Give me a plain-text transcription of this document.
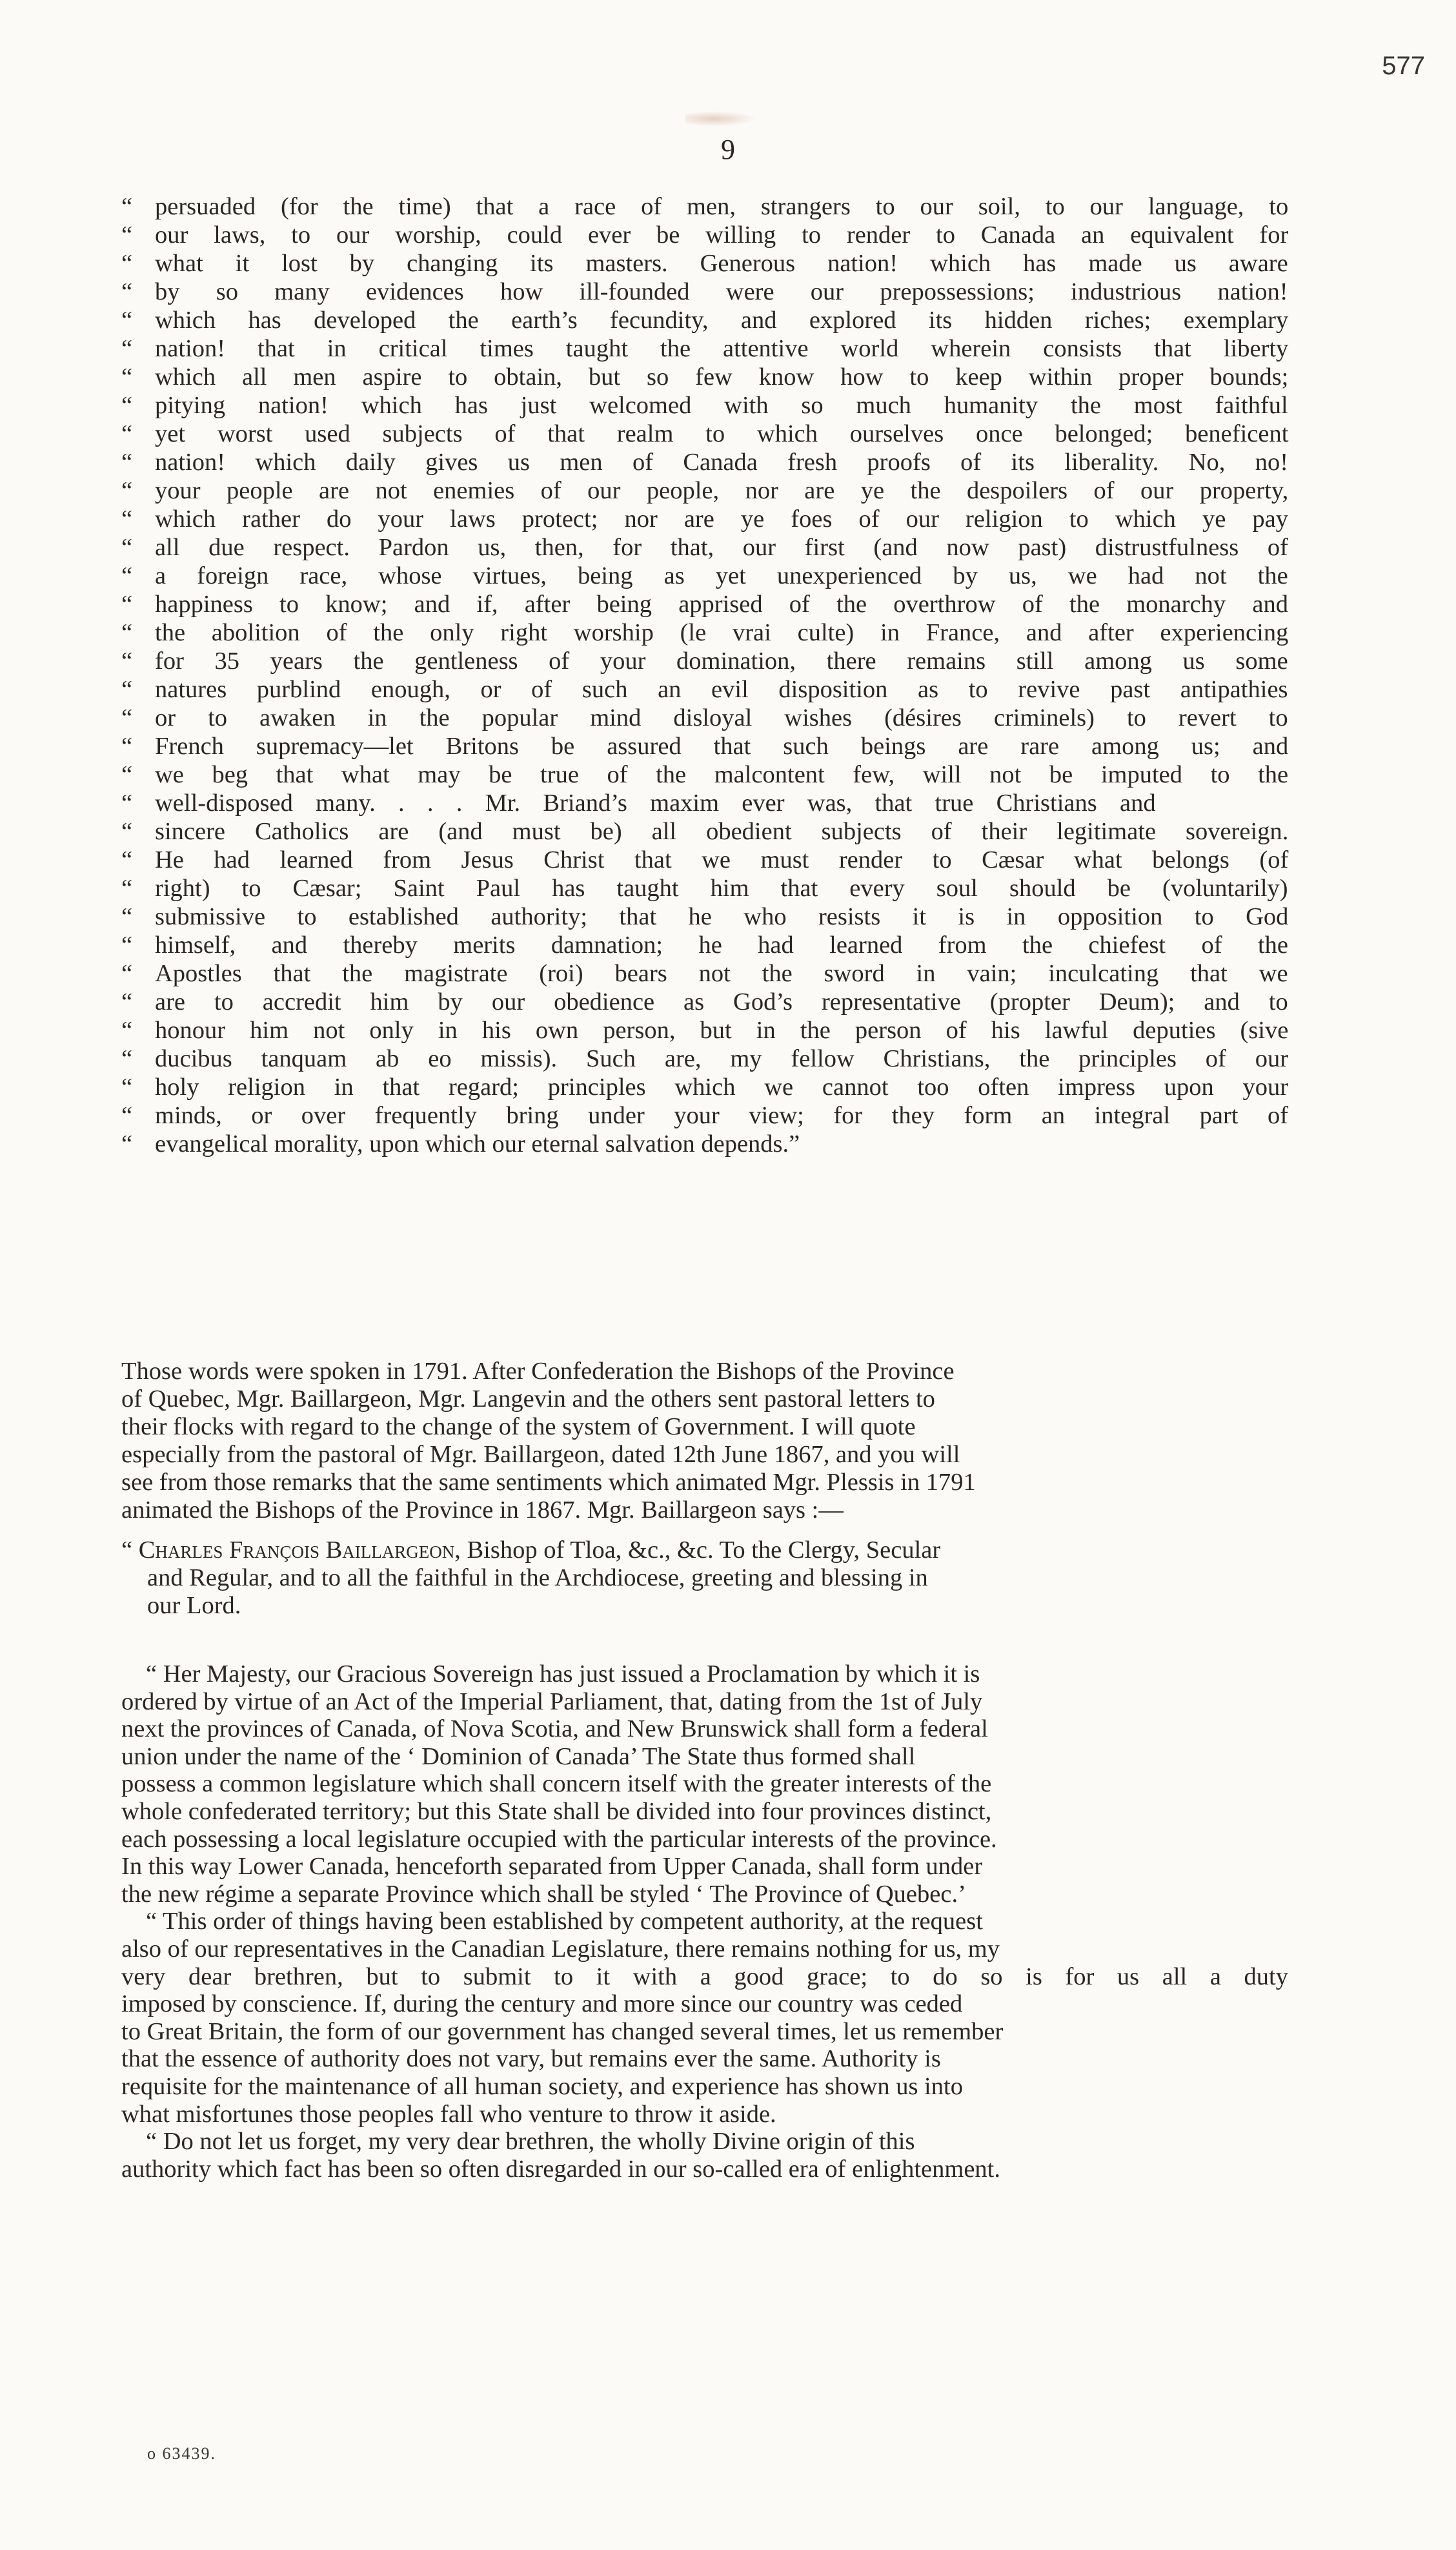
577
9
“ persuaded (for the time) that a race of men, strangers to our soil, to our language, to
“ our laws, to our worship, could ever be willing to render to Canada an equivalent for
“ what it lost by changing its masters. Generous nation! which has made us aware
“ by so many evidences how ill-founded were our prepossessions; industrious nation!
“ which has developed the earth’s fecundity, and explored its hidden riches; exemplary
“ nation! that in critical times taught the attentive world wherein consists that liberty
“ which all men aspire to obtain, but so few know how to keep within proper bounds;
“ pitying nation! which has just welcomed with so much humanity the most faithful
“ yet worst used subjects of that realm to which ourselves once belonged; beneficent
“ nation! which daily gives us men of Canada fresh proofs of its liberality. No, no!
“ your people are not enemies of our people, nor are ye the despoilers of our property,
“ which rather do your laws protect; nor are ye foes of our religion to which ye pay
“ all due respect. Pardon us, then, for that, our first (and now past) distrustfulness of
“ a foreign race, whose virtues, being as yet unexperienced by us, we had not the
“ happiness to know; and if, after being apprised of the overthrow of the monarchy and
“ the abolition of the only right worship (le vrai culte) in France, and after experiencing
“ for 35 years the gentleness of your domination, there remains still among us some
“ natures purblind enough, or of such an evil disposition as to revive past antipathies
“ or to awaken in the popular mind disloyal wishes (désires criminels) to revert to
“ French supremacy—let Britons be assured that such beings are rare among us; and
“ we beg that what may be true of the malcontent few, will not be imputed to the
“ well-disposed many. . . . Mr. Briand’s maxim ever was, that true Christians and
“ sincere Catholics are (and must be) all obedient subjects of their legitimate sovereign.
“ He had learned from Jesus Christ that we must render to Cæsar what belongs (of
“ right) to Cæsar; Saint Paul has taught him that every soul should be (voluntarily)
“ submissive to established authority; that he who resists it is in opposition to God
“ himself, and thereby merits damnation; he had learned from the chiefest of the
“ Apostles that the magistrate (roi) bears not the sword in vain; inculcating that we
“ are to accredit him by our obedience as God’s representative (propter Deum); and to
“ honour him not only in his own person, but in the person of his lawful deputies (sive
“ ducibus tanquam ab eo missis). Such are, my fellow Christians, the principles of our
“ holy religion in that regard; principles which we cannot too often impress upon your
“ minds, or over frequently bring under your view; for they form an integral part of
“ evangelical morality, upon which our eternal salvation depends.”
Those words were spoken in 1791. After Confederation the Bishops of the Province
of Quebec, Mgr. Baillargeon, Mgr. Langevin and the others sent pastoral letters to
their flocks with regard to the change of the system of Government. I will quote
especially from the pastoral of Mgr. Baillargeon, dated 12th June 1867, and you will
see from those remarks that the same sentiments which animated Mgr. Plessis in 1791
animated the Bishops of the Province in 1867. Mgr. Baillargeon says :—
“ Charles François Baillargeon, Bishop of Tloa, &c., &c. To the Clergy, Secular
and Regular, and to all the faithful in the Archdiocese, greeting and blessing in
our Lord.
“ Her Majesty, our Gracious Sovereign has just issued a Proclamation by which it is
ordered by virtue of an Act of the Imperial Parliament, that, dating from the 1st of July
next the provinces of Canada, of Nova Scotia, and New Brunswick shall form a federal
union under the name of the ‘ Dominion of Canada’ The State thus formed shall
possess a common legislature which shall concern itself with the greater interests of the
whole confederated territory; but this State shall be divided into four provinces distinct,
each possessing a local legislature occupied with the particular interests of the province.
In this way Lower Canada, henceforth separated from Upper Canada, shall form under
the new régime a separate Province which shall be styled ‘ The Province of Quebec.’
“ This order of things having been established by competent authority, at the request
also of our representatives in the Canadian Legislature, there remains nothing for us, my
very dear brethren, but to submit to it with a good grace; to do so is for us all a duty
imposed by conscience. If, during the century and more since our country was ceded
to Great Britain, the form of our government has changed several times, let us remember
that the essence of authority does not vary, but remains ever the same. Authority is
requisite for the maintenance of all human society, and experience has shown us into
what misfortunes those peoples fall who venture to throw it aside.
“ Do not let us forget, my very dear brethren, the wholly Divine origin of this
authority which fact has been so often disregarded in our so-called era of enlightenment.
o 63439.
